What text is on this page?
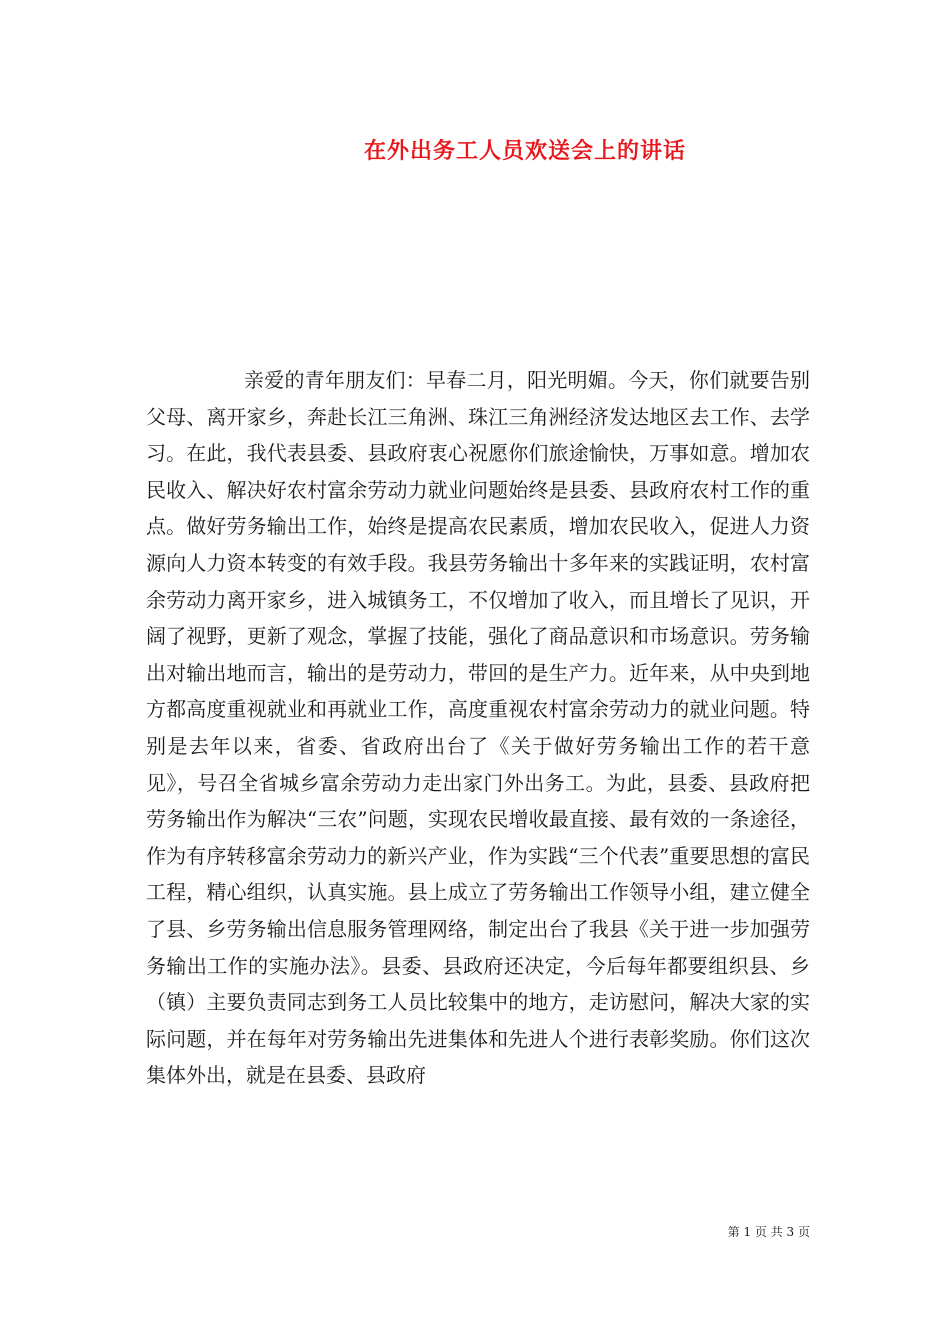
在外出务工人员欢送会上的讲话

亲爱的青年朋友们：早春二月，阳光明媚。今天，你们就要告别父母、离开家乡，奔赴长江三角洲、珠江三角洲经济发达地区去工作、去学习。在此，我代表县委、县政府衷心祝愿你们旅途愉快，万事如意。增加农民收入、解决好农村富余劳动力就业问题始终是县委、县政府农村工作的重点。做好劳务输出工作，始终是提高农民素质，增加农民收入，促进人力资源向人力资本转变的有效手段。我县劳务输出十多年来的实践证明，农村富余劳动力离开家乡，进入城镇务工，不仅增加了收入，而且增长了见识，开阔了视野，更新了观念，掌握了技能，强化了商品意识和市场意识。劳务输出对输出地而言，输出的是劳动力，带回的是生产力。近年来，从中央到地方都高度重视就业和再就业工作，高度重视农村富余劳动力的就业问题。特别是去年以来，省委、省政府出台了《关于做好劳务输出工作的若干意见》，号召全省城乡富余劳动力走出家门外出务工。为此，县委、县政府把劳务输出作为解决“三农”问题，实现农民增收最直接、最有效的一条途径，作为有序转移富余劳动力的新兴产业，作为实践“三个代表”重要思想的富民工程，精心组织，认真实施。县上成立了劳务输出工作领导小组，建立健全了县、乡劳务输出信息服务管理网络，制定出台了我县《关于进一步加强劳务输出工作的实施办法》。县委、县政府还决定，今后每年都要组织县、乡（镇）主要负责同志到务工人员比较集中的地方，走访慰问，解决大家的实际问题，并在每年对劳务输出先进集体和先进人个进行表彰奖励。你们这次集体外出，就是在县委、县政府

第 1 页 共 3 页
